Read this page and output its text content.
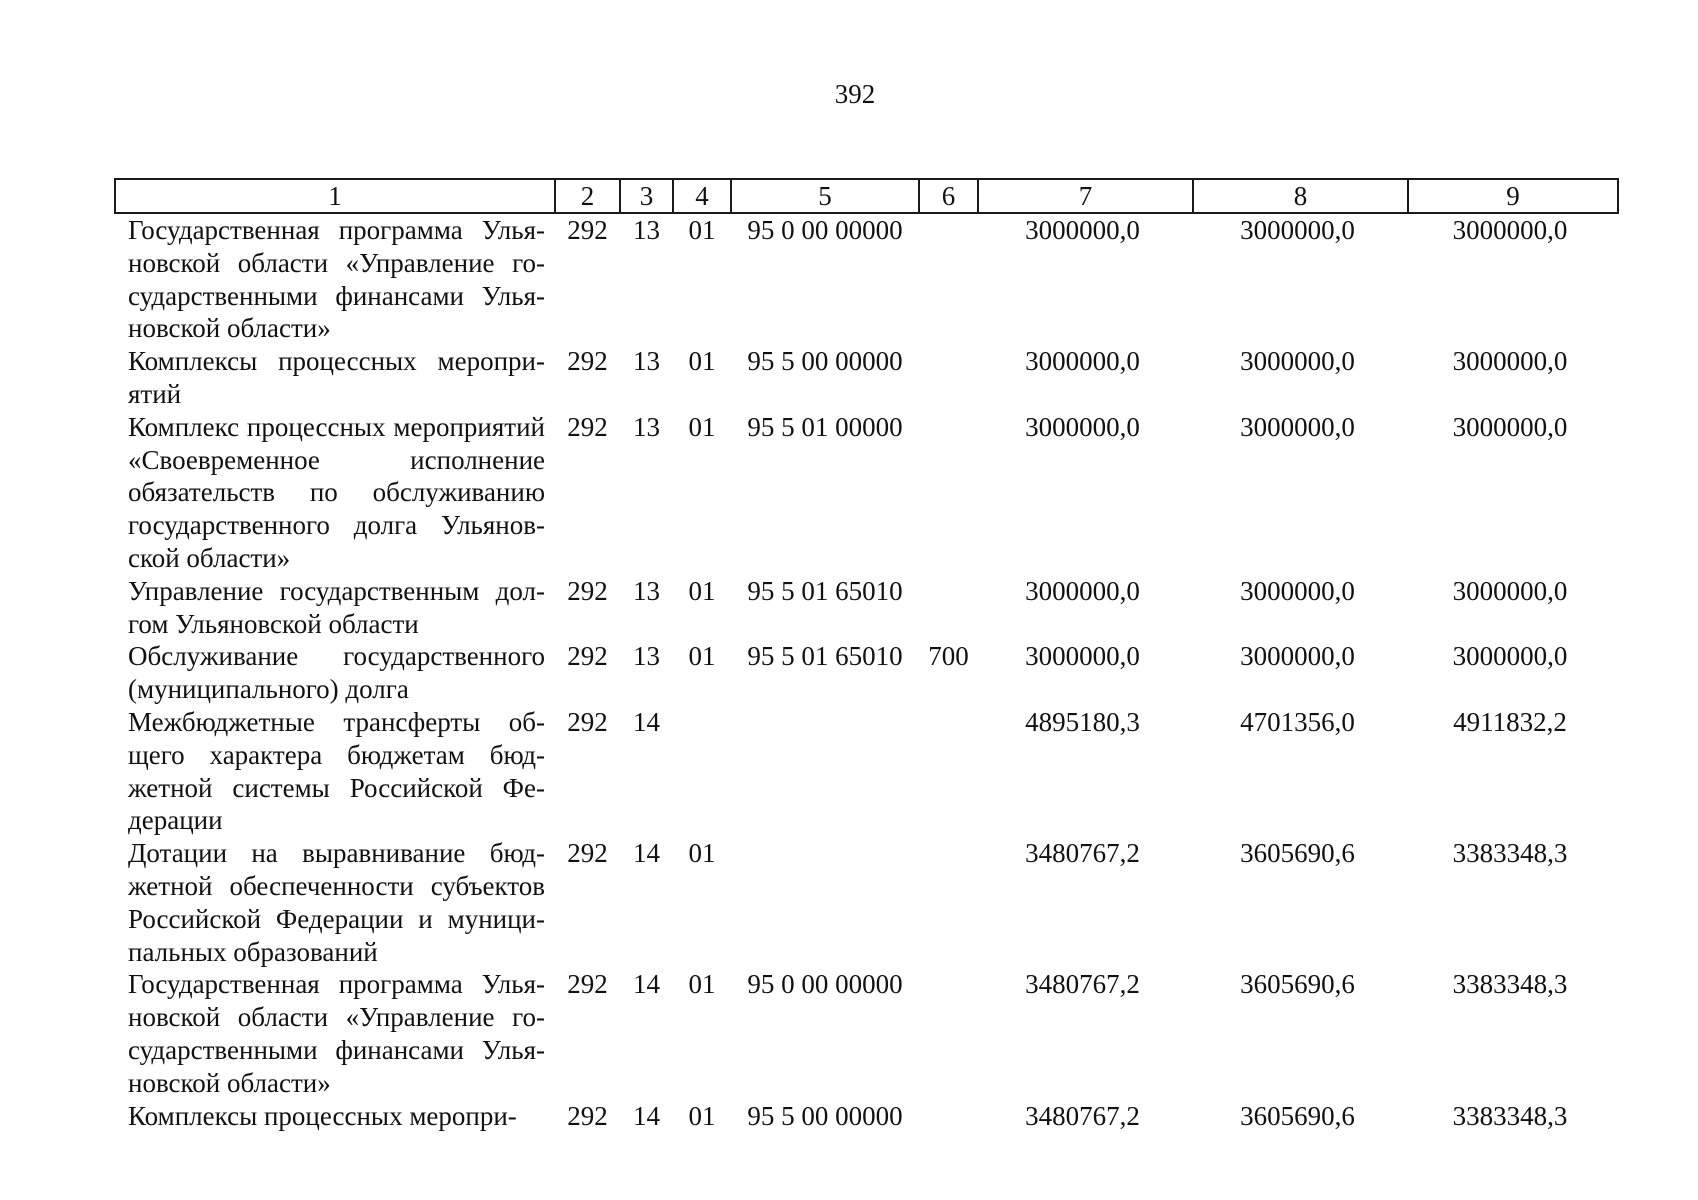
392
1	2	3	4	5	6	7	8	9
Государственная программа Ульяновской области «Управление государственными финансами Ульяновской области»	292	13	01	95 0 00 00000		3000000,0	3000000,0	3000000,0
Комплексы процессных мероприятий	292	13	01	95 5 00 00000		3000000,0	3000000,0	3000000,0
Комплекс процессных мероприятий «Своевременное исполнение обязательств по обслуживанию государственного долга Ульяновской области»	292	13	01	95 5 01 00000		3000000,0	3000000,0	3000000,0
Управление государственным долгом Ульяновской области	292	13	01	95 5 01 65010		3000000,0	3000000,0	3000000,0
Обслуживание государственного (муниципального) долга	292	13	01	95 5 01 65010	700	3000000,0	3000000,0	3000000,0
Межбюджетные трансферты общего характера бюджетам бюджетной системы Российской Федерации	292	14				4895180,3	4701356,0	4911832,2
Дотации на выравнивание бюджетной обеспеченности субъектов Российской Федерации и муниципальных образований	292	14	01			3480767,2	3605690,6	3383348,3
Государственная программа Ульяновской области «Управление государственными финансами Ульяновской области»	292	14	01	95 0 00 00000		3480767,2	3605690,6	3383348,3
Комплексы процессных меропри-	292	14	01	95 5 00 00000		3480767,2	3605690,6	3383348,3
